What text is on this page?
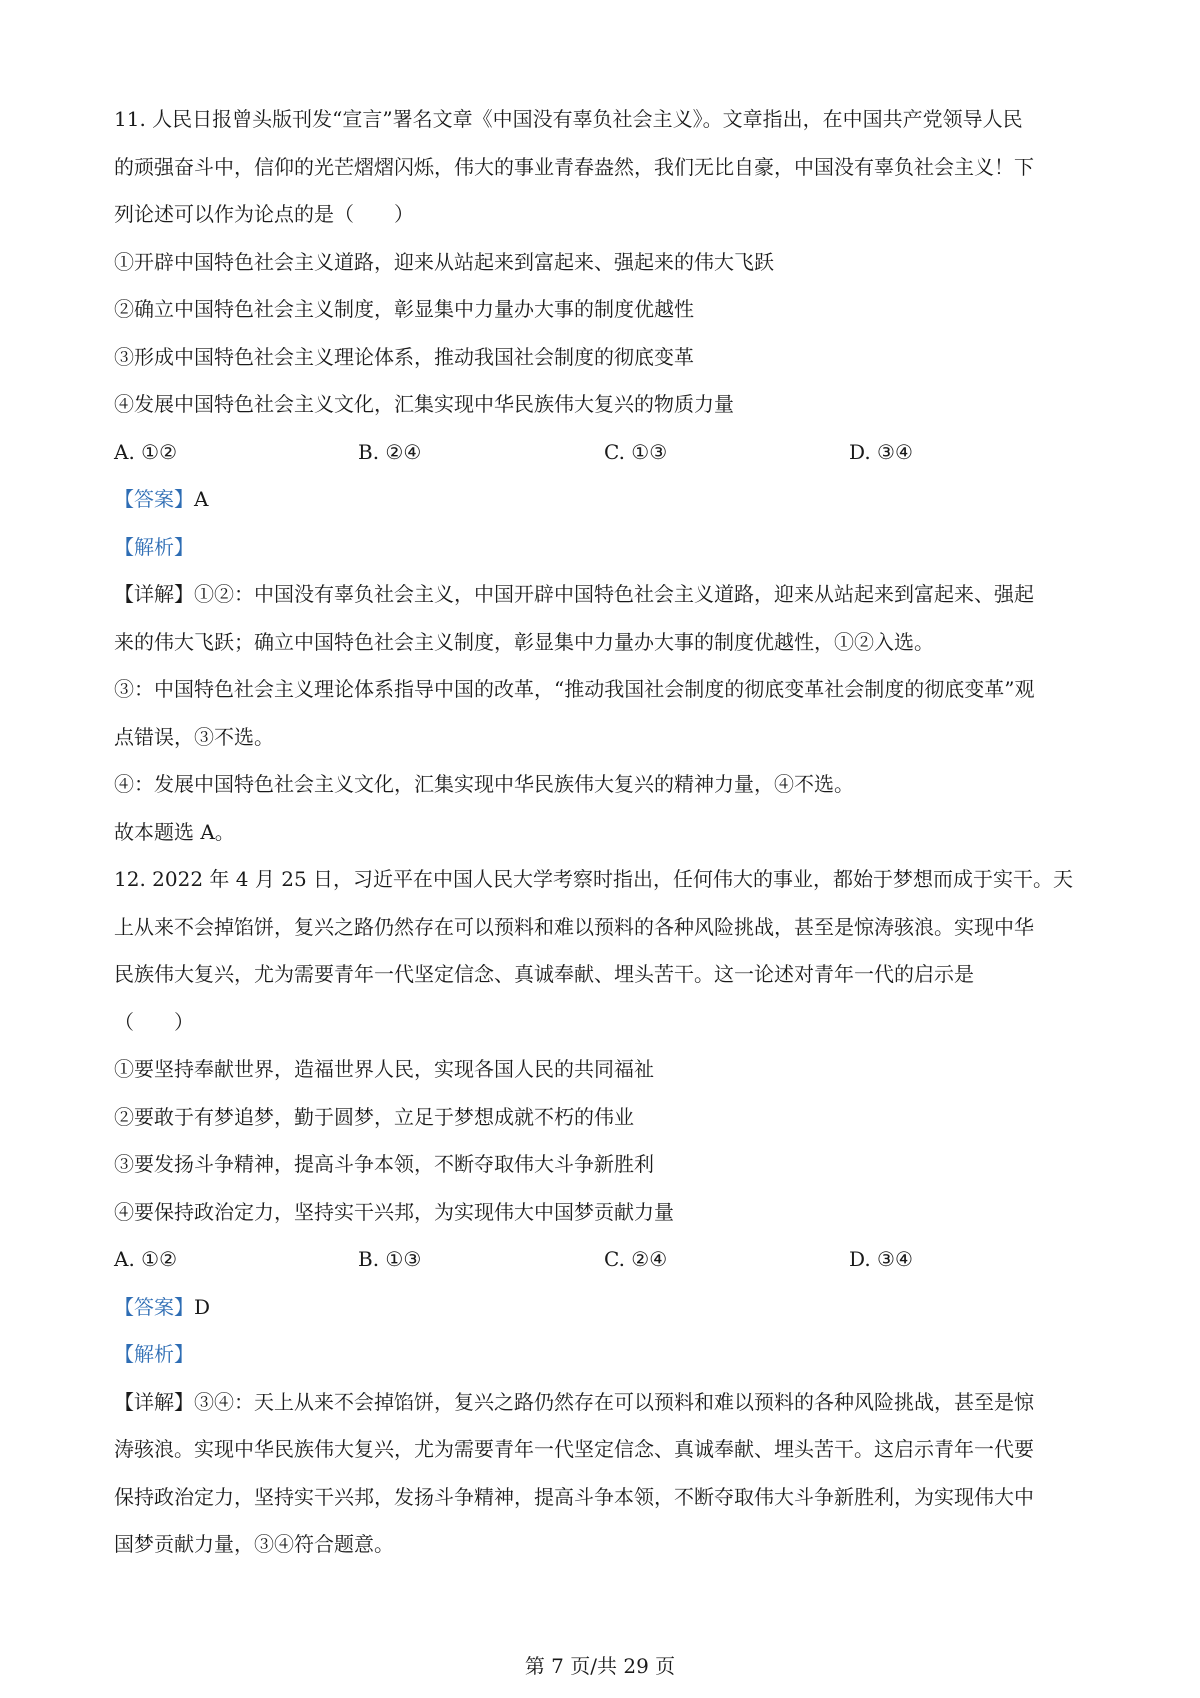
11. 人民日报曾头版刊发“宣言”署名文章《中国没有辜负社会主义》。文章指出，在中国共产党领导人民
的顽强奋斗中，信仰的光芒熠熠闪烁，伟大的事业青春盎然，我们无比自豪，中国没有辜负社会主义！下
列论述可以作为论点的是（　　）
①开辟中国特色社会主义道路，迎来从站起来到富起来、强起来的伟大飞跃
②确立中国特色社会主义制度，彰显集中力量办大事的制度优越性
③形成中国特色社会主义理论体系，推动我国社会制度的彻底变革
④发展中国特色社会主义文化，汇集实现中华民族伟大复兴的物质力量
A. ①②	B. ②④	C. ①③	D. ③④
【答案】A
【解析】
【详解】①②：中国没有辜负社会主义，中国开辟中国特色社会主义道路，迎来从站起来到富起来、强起
来的伟大飞跃；确立中国特色社会主义制度，彰显集中力量办大事的制度优越性，①②入选。
③：中国特色社会主义理论体系指导中国的改革，“推动我国社会制度的彻底变革社会制度的彻底变革”观
点错误，③不选。
④：发展中国特色社会主义文化，汇集实现中华民族伟大复兴的精神力量，④不选。
故本题选 A。
12. 2022 年 4 月 25 日，习近平在中国人民大学考察时指出，任何伟大的事业，都始于梦想而成于实干。天
上从来不会掉馅饼，复兴之路仍然存在可以预料和难以预料的各种风险挑战，甚至是惊涛骇浪。实现中华
民族伟大复兴，尤为需要青年一代坚定信念、真诚奉献、埋头苦干。这一论述对青年一代的启示是
（　　）
①要坚持奉献世界，造福世界人民，实现各国人民的共同福祉
②要敢于有梦追梦，勤于圆梦，立足于梦想成就不朽的伟业
③要发扬斗争精神，提高斗争本领，不断夺取伟大斗争新胜利
④要保持政治定力，坚持实干兴邦，为实现伟大中国梦贡献力量
A. ①②	B. ①③	C. ②④	D. ③④
【答案】D
【解析】
【详解】③④：天上从来不会掉馅饼，复兴之路仍然存在可以预料和难以预料的各种风险挑战，甚至是惊
涛骇浪。实现中华民族伟大复兴，尤为需要青年一代坚定信念、真诚奉献、埋头苦干。这启示青年一代要
保持政治定力，坚持实干兴邦，发扬斗争精神，提高斗争本领，不断夺取伟大斗争新胜利，为实现伟大中
国梦贡献力量，③④符合题意。
第 7 页/共 29 页
